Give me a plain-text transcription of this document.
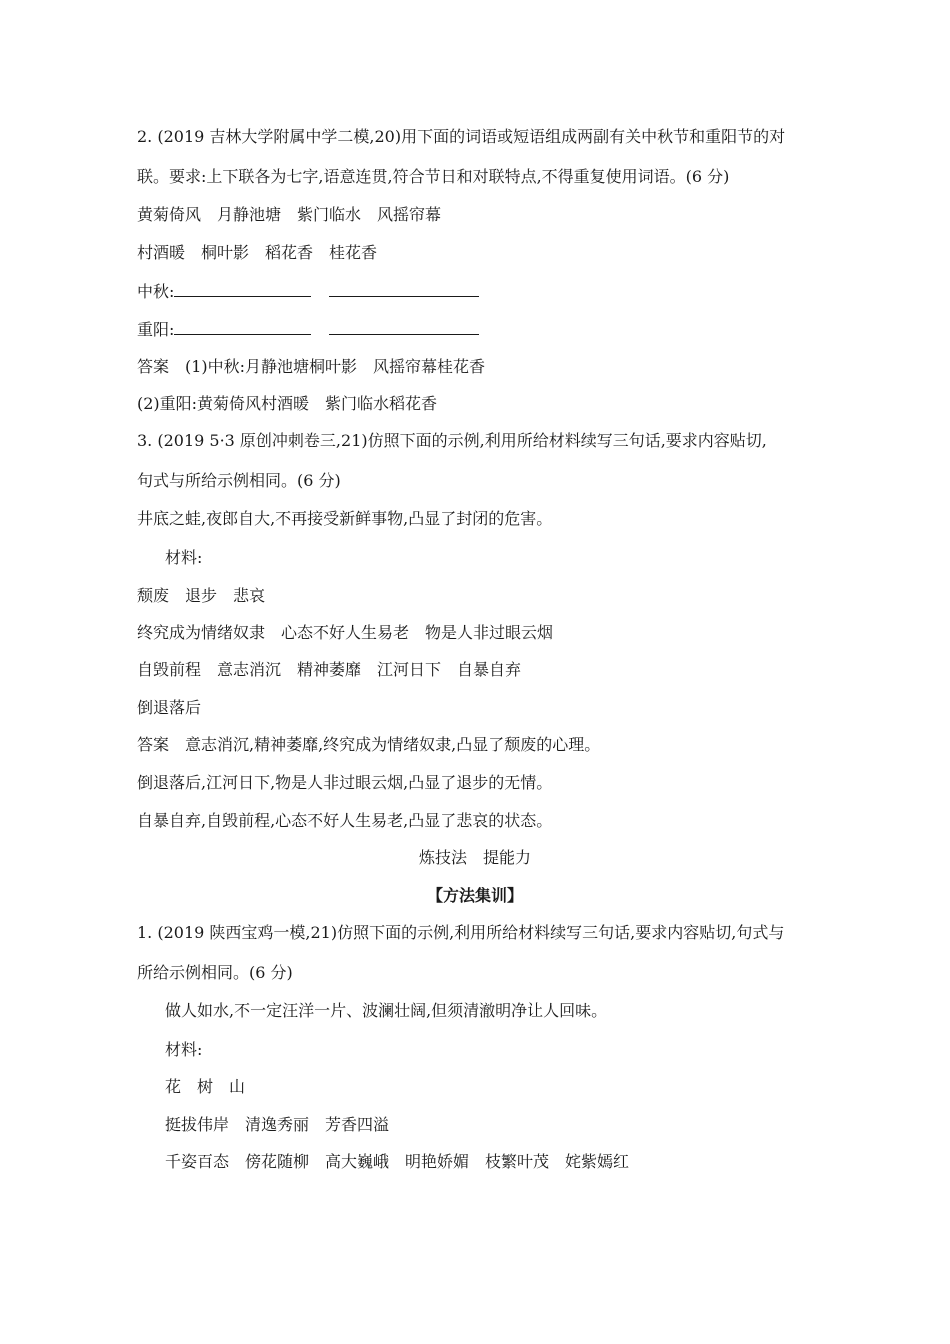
2. (2019 吉林大学附属中学二模,20)用下面的词语或短语组成两副有关中秋节和重阳节的对
联。要求:上下联各为七字,语意连贯,符合节日和对联特点,不得重复使用词语。(6 分)
黄菊倚风　月静池塘　紫门临水　风摇帘幕
村酒暖　桐叶影　稻花香　桂花香
中秋:
重阳:
答案　(1)中秋:月静池塘桐叶影　风摇帘幕桂花香
(2)重阳:黄菊倚风村酒暖　紫门临水稻花香
3. (2019 5·3 原创冲刺卷三,21)仿照下面的示例,利用所给材料续写三句话,要求内容贴切,
句式与所给示例相同。(6 分)
井底之蛙,夜郎自大,不再接受新鲜事物,凸显了封闭的危害。
材料:
颓废　退步　悲哀
终究成为情绪奴隶　心态不好人生易老　物是人非过眼云烟
自毁前程　意志消沉　精神萎靡　江河日下　自暴自弃
倒退落后
答案　意志消沉,精神萎靡,终究成为情绪奴隶,凸显了颓废的心理。
倒退落后,江河日下,物是人非过眼云烟,凸显了退步的无情。
自暴自弃,自毁前程,心态不好人生易老,凸显了悲哀的状态。
炼技法　提能力
【方法集训】
1. (2019 陕西宝鸡一模,21)仿照下面的示例,利用所给材料续写三句话,要求内容贴切,句式与
所给示例相同。(6 分)
做人如水,不一定汪洋一片、波澜壮阔,但须清澈明净让人回味。
材料:
花　树　山
挺拔伟岸　清逸秀丽　芳香四溢
千姿百态　傍花随柳　高大巍峨　明艳娇媚　枝繁叶茂　姹紫嫣红
